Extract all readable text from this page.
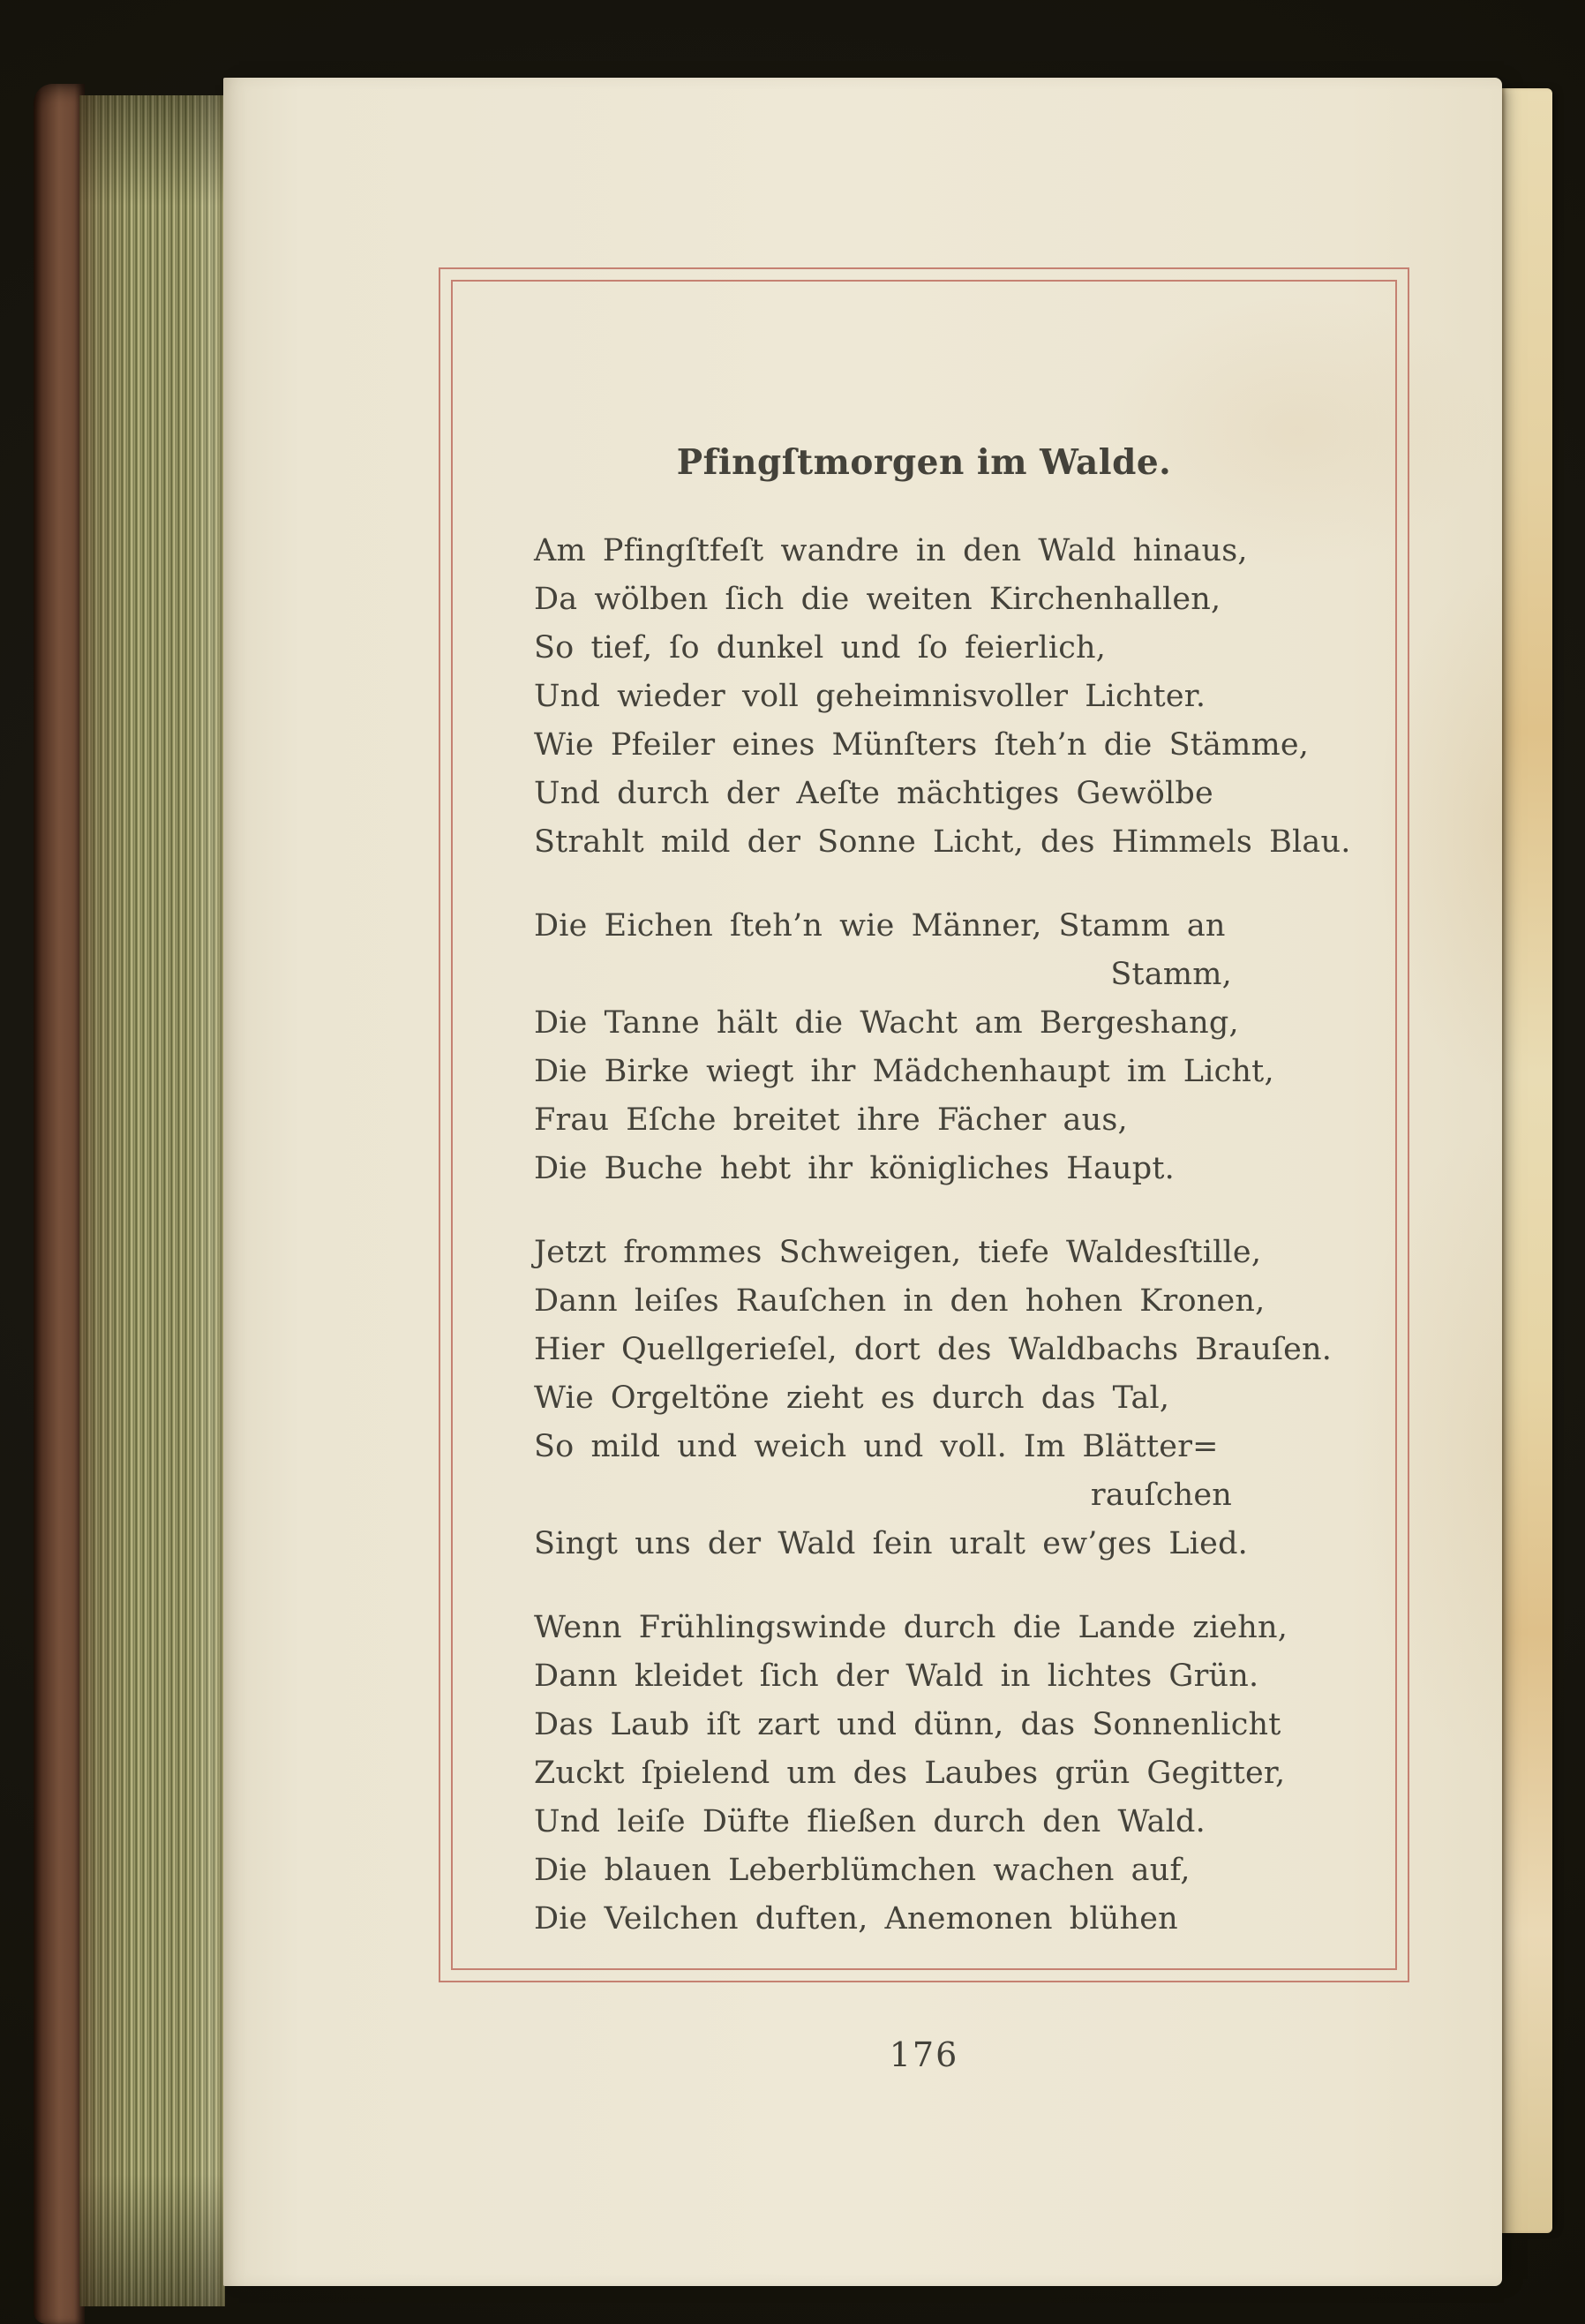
Pfingſtmorgen im Walde.
Am Pfingſtfeſt wandre in den Wald hinaus,
Da wölben ſich die weiten Kirchenhallen,
So tief, ſo dunkel und ſo feierlich,
Und wieder voll geheimnisvoller Lichter.
Wie Pfeiler eines Münſters ſteh’n die Stämme,
Und durch der Aeſte mächtiges Gewölbe
Strahlt mild der Sonne Licht, des Himmels Blau.
Die Eichen ſteh’n wie Männer, Stamm an
Stamm,
Die Tanne hält die Wacht am Bergeshang,
Die Birke wiegt ihr Mädchenhaupt im Licht,
Frau Eſche breitet ihre Fächer aus,
Die Buche hebt ihr königliches Haupt.
Jetzt frommes Schweigen, tiefe Waldesſtille,
Dann leiſes Rauſchen in den hohen Kronen,
Hier Quellgerieſel, dort des Waldbachs Brauſen.
Wie Orgeltöne zieht es durch das Tal,
So mild und weich und voll. Im Blätter=
rauſchen
Singt uns der Wald ſein uralt ew’ges Lied.
Wenn Frühlingswinde durch die Lande ziehn,
Dann kleidet ſich der Wald in lichtes Grün.
Das Laub iſt zart und dünn, das Sonnenlicht
Zuckt ſpielend um des Laubes grün Gegitter,
Und leiſe Düfte fließen durch den Wald.
Die blauen Leberblümchen wachen auf,
Die Veilchen duften, Anemonen blühen
176
